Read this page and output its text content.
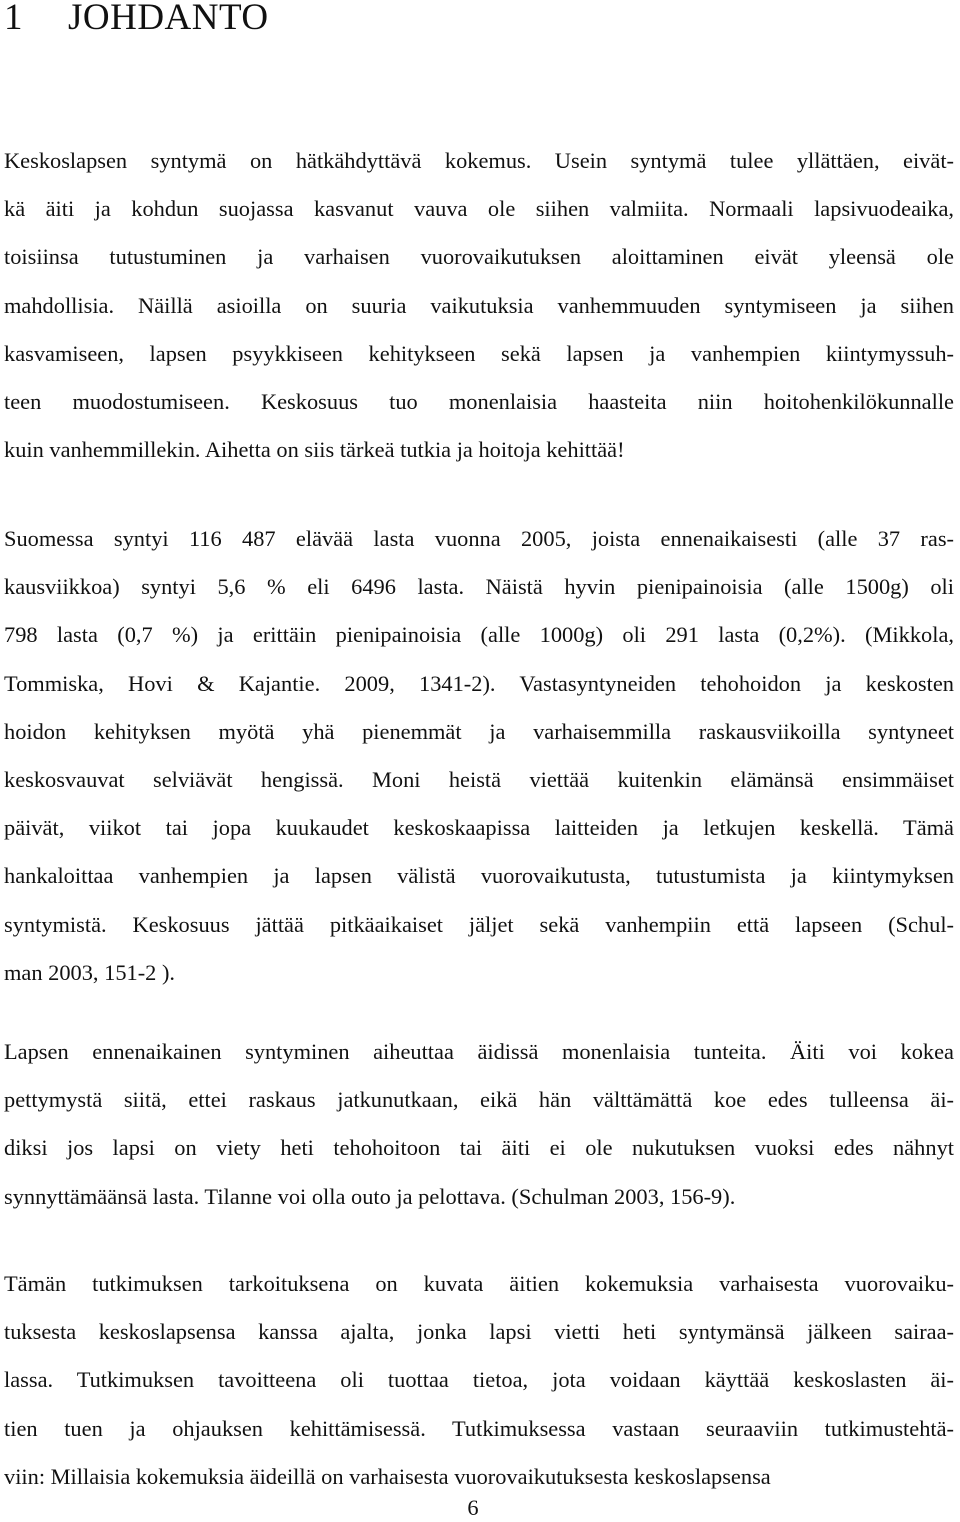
1 JOHDANTO
Keskoslapsen syntymä on hätkähdyttävä kokemus. Usein syntymä tulee yllättäen, eivät-
kä äiti ja kohdun suojassa kasvanut vauva ole siihen valmiita. Normaali lapsivuodeaika,
toisiinsa tutustuminen ja varhaisen vuorovaikutuksen aloittaminen eivät yleensä ole
mahdollisia. Näillä asioilla on suuria vaikutuksia vanhemmuuden syntymiseen ja siihen
kasvamiseen, lapsen psyykkiseen kehitykseen sekä lapsen ja vanhempien kiintymyssuh-
teen muodostumiseen. Keskosuus tuo monenlaisia haasteita niin hoitohenkilökunnalle
kuin vanhemmillekin. Aihetta on siis tärkeä tutkia ja hoitoja kehittää!
Suomessa syntyi 116 487 elävää lasta vuonna 2005, joista ennenaikaisesti (alle 37 ras-
kausviikkoa) syntyi 5,6 % eli 6496 lasta. Näistä hyvin pienipainoisia (alle 1500g) oli
798 lasta (0,7 %) ja erittäin pienipainoisia (alle 1000g) oli 291 lasta (0,2%). (Mikkola,
Tommiska, Hovi & Kajantie. 2009, 1341-2). Vastasyntyneiden tehohoidon ja keskosten
hoidon kehityksen myötä yhä pienemmät ja varhaisemmilla raskausviikoilla syntyneet
keskosvauvat selviävät hengissä. Moni heistä viettää kuitenkin elämänsä ensimmäiset
päivät, viikot tai jopa kuukaudet keskoskaapissa laitteiden ja letkujen keskellä. Tämä
hankaloittaa vanhempien ja lapsen välistä vuorovaikutusta, tutustumista ja kiintymyksen
syntymistä. Keskosuus jättää pitkäaikaiset jäljet sekä vanhempiin että lapseen (Schul-
man 2003, 151-2 ).
Lapsen ennenaikainen syntyminen aiheuttaa äidissä monenlaisia tunteita. Äiti voi kokea
pettymystä siitä, ettei raskaus jatkunutkaan, eikä hän välttämättä koe edes tulleensa äi-
diksi jos lapsi on viety heti tehohoitoon tai äiti ei ole nukutuksen vuoksi edes nähnyt
synnyttämäänsä lasta. Tilanne voi olla outo ja pelottava. (Schulman 2003, 156-9).
Tämän tutkimuksen tarkoituksena on kuvata äitien kokemuksia varhaisesta vuorovaiku-
tuksesta keskoslapsensa kanssa ajalta, jonka lapsi vietti heti syntymänsä jälkeen sairaa-
lassa. Tutkimuksen tavoitteena oli tuottaa tietoa, jota voidaan käyttää keskoslasten äi-
tien tuen ja ohjauksen kehittämisessä. Tutkimuksessa vastaan seuraaviin tutkimustehtä-
viin: Millaisia kokemuksia äideillä on varhaisesta vuorovaikutuksesta keskoslapsensa
6
